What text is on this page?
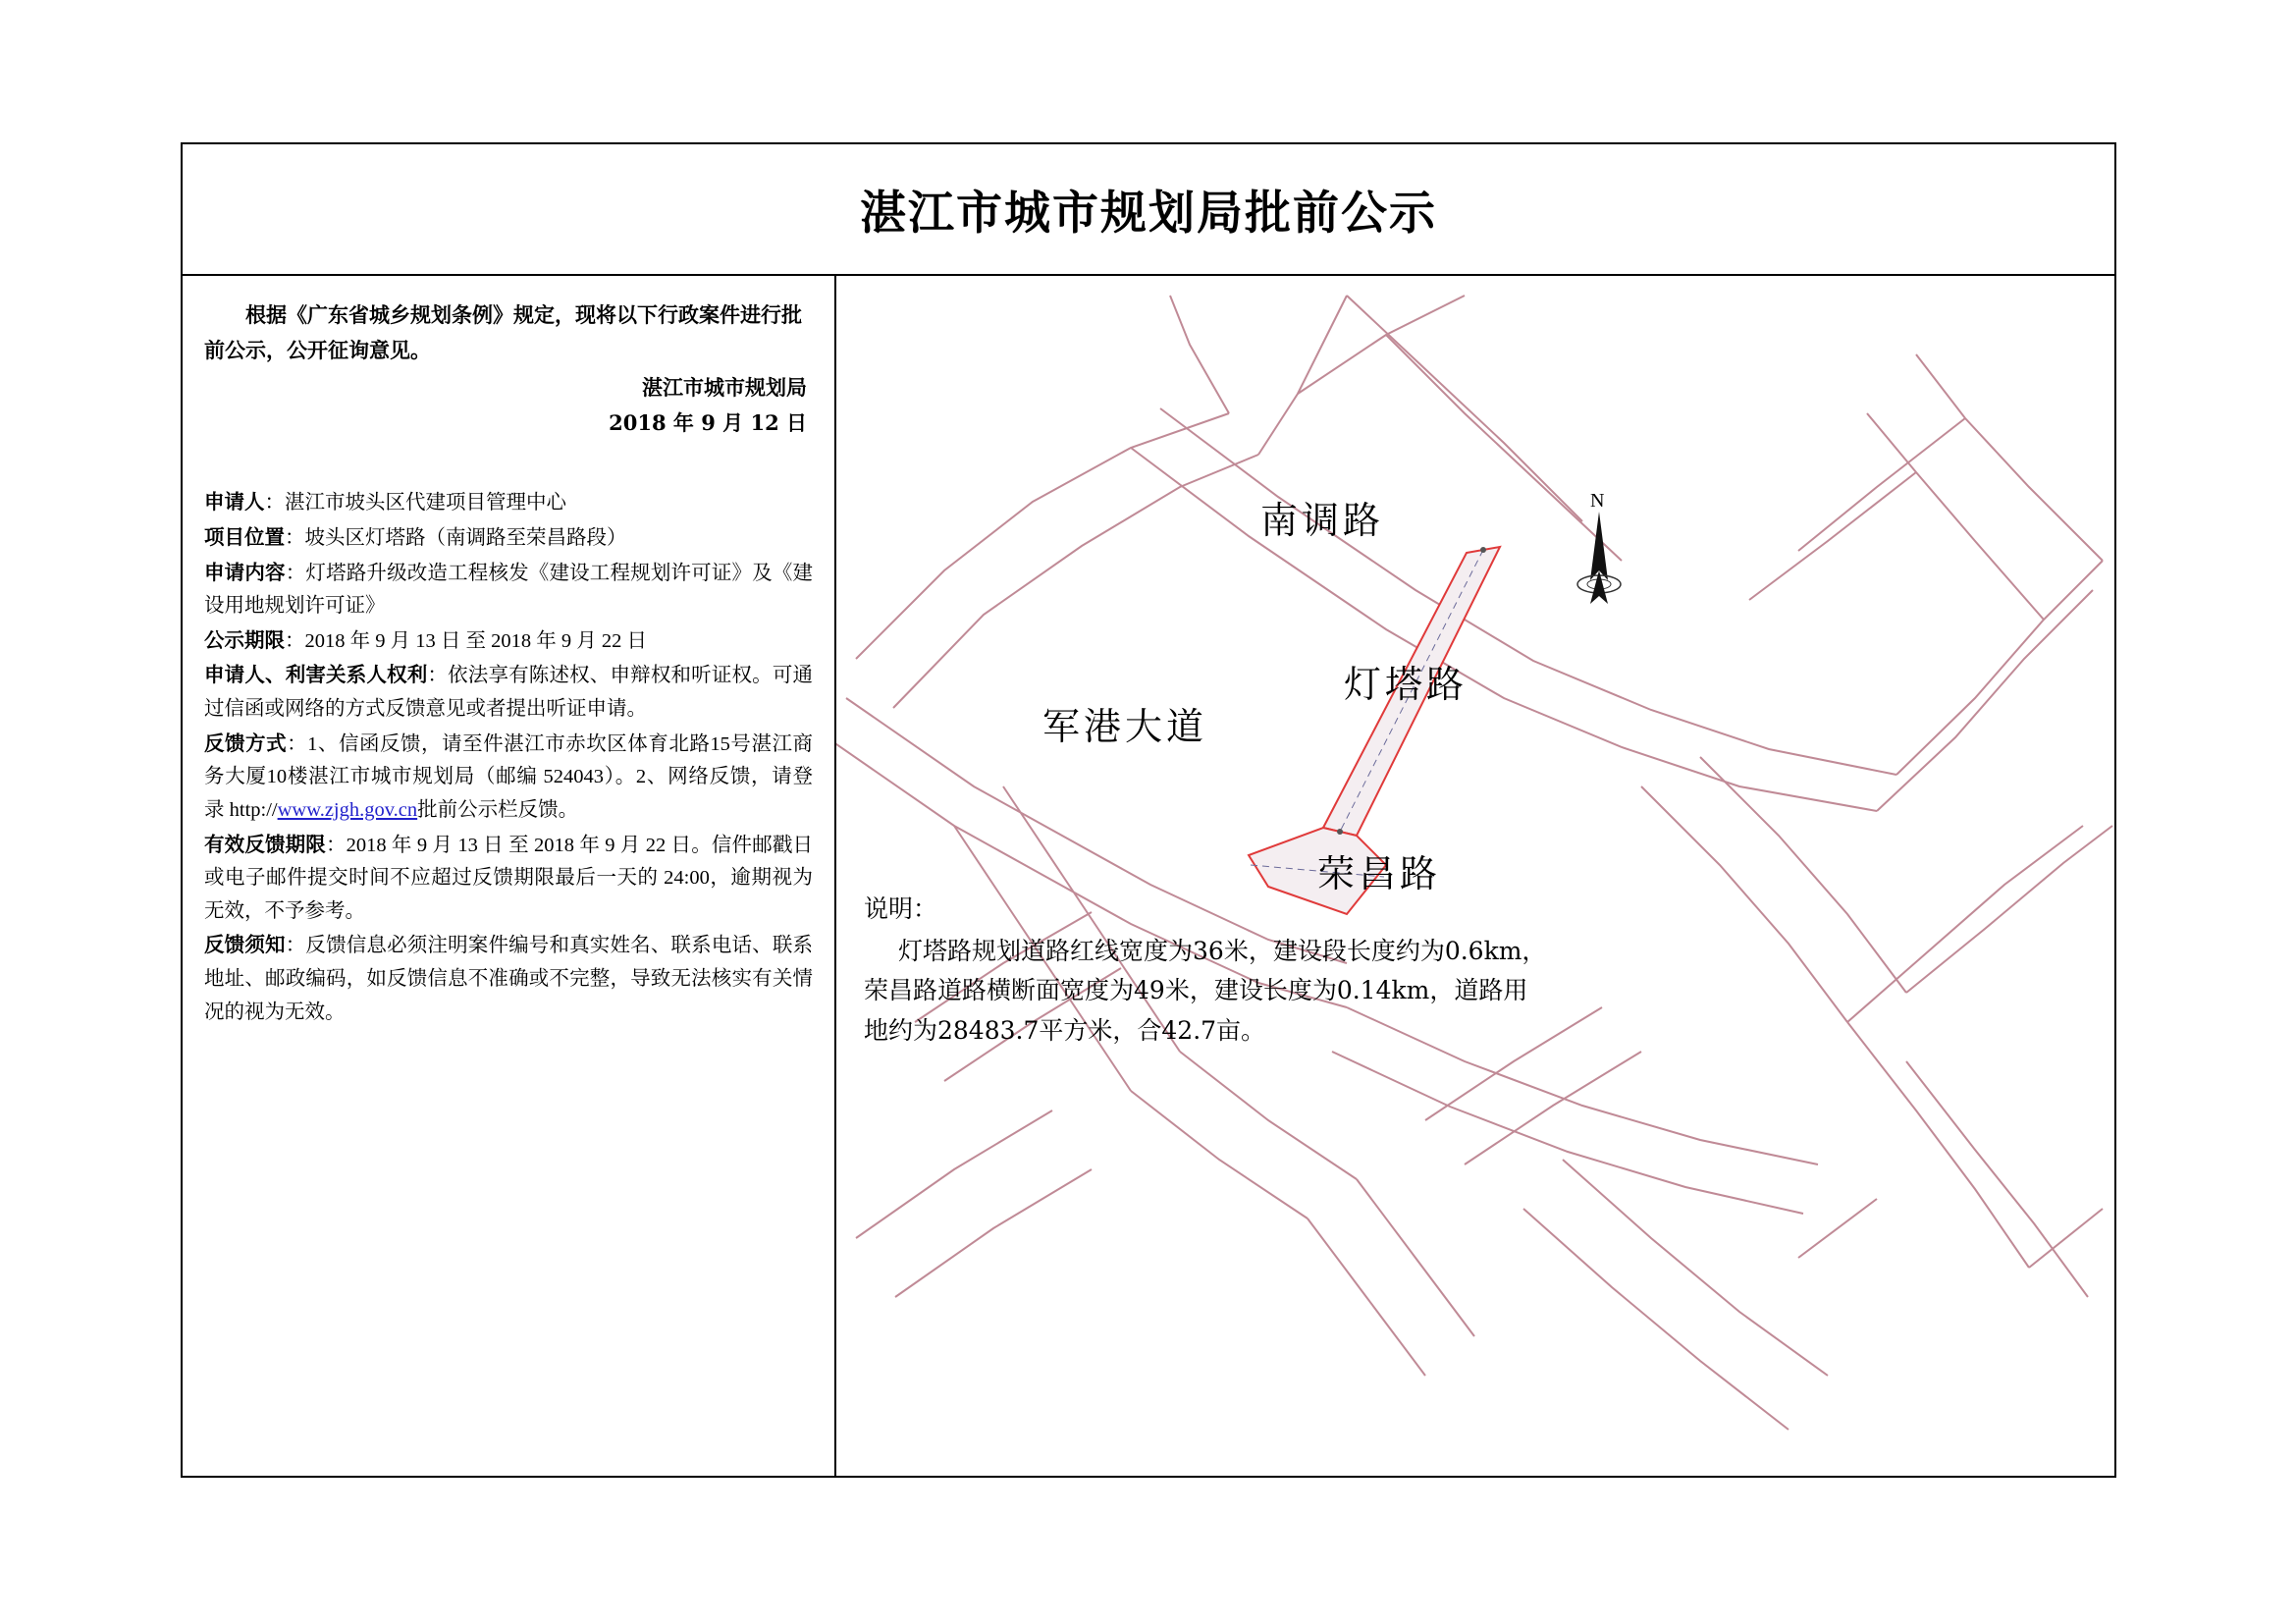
湛江市城市规划局批前公示

根据《广东省城乡规划条例》规定，现将以下行政案件进行批前公示，公开征询意见。

湛江市城市规划局

2018 年 9 月 12 日

申请人：湛江市坡头区代建项目管理中心

项目位置：坡头区灯塔路（南调路至荣昌路段）

申请内容：灯塔路升级改造工程核发《建设工程规划许可证》及《建设用地规划许可证》

公示期限：2018 年 9 月 13 日 至 2018 年 9 月 22 日

申请人、利害关系人权利：依法享有陈述权、申辩权和听证权。可通过信函或网络的方式反馈意见或者提出听证申请。

反馈方式：1、信函反馈，请至件湛江市赤坎区体育北路15号湛江商务大厦10楼湛江市城市规划局（邮编 524043）。2、网络反馈，请登录 http://www.zjgh.gov.cn批前公示栏反馈。

有效反馈期限：2018 年 9 月 13 日 至 2018 年 9 月 22 日。信件邮戳日或电子邮件提交时间不应超过反馈期限最后一天的 24:00，逾期视为无效，不予参考。

反馈须知：反馈信息必须注明案件编号和真实姓名、联系电话、联系地址、邮政编码，如反馈信息不准确或不完整，导致无法核实有关情况的视为无效。

南调路
灯塔路
军港大道
荣昌路
N

说明：

灯塔路规划道路红线宽度为36米，建设段长度约为0.6km，荣昌路道路横断面宽度为49米，建设长度为0.14km，道路用地约为28483.7平方米，合42.7亩。
